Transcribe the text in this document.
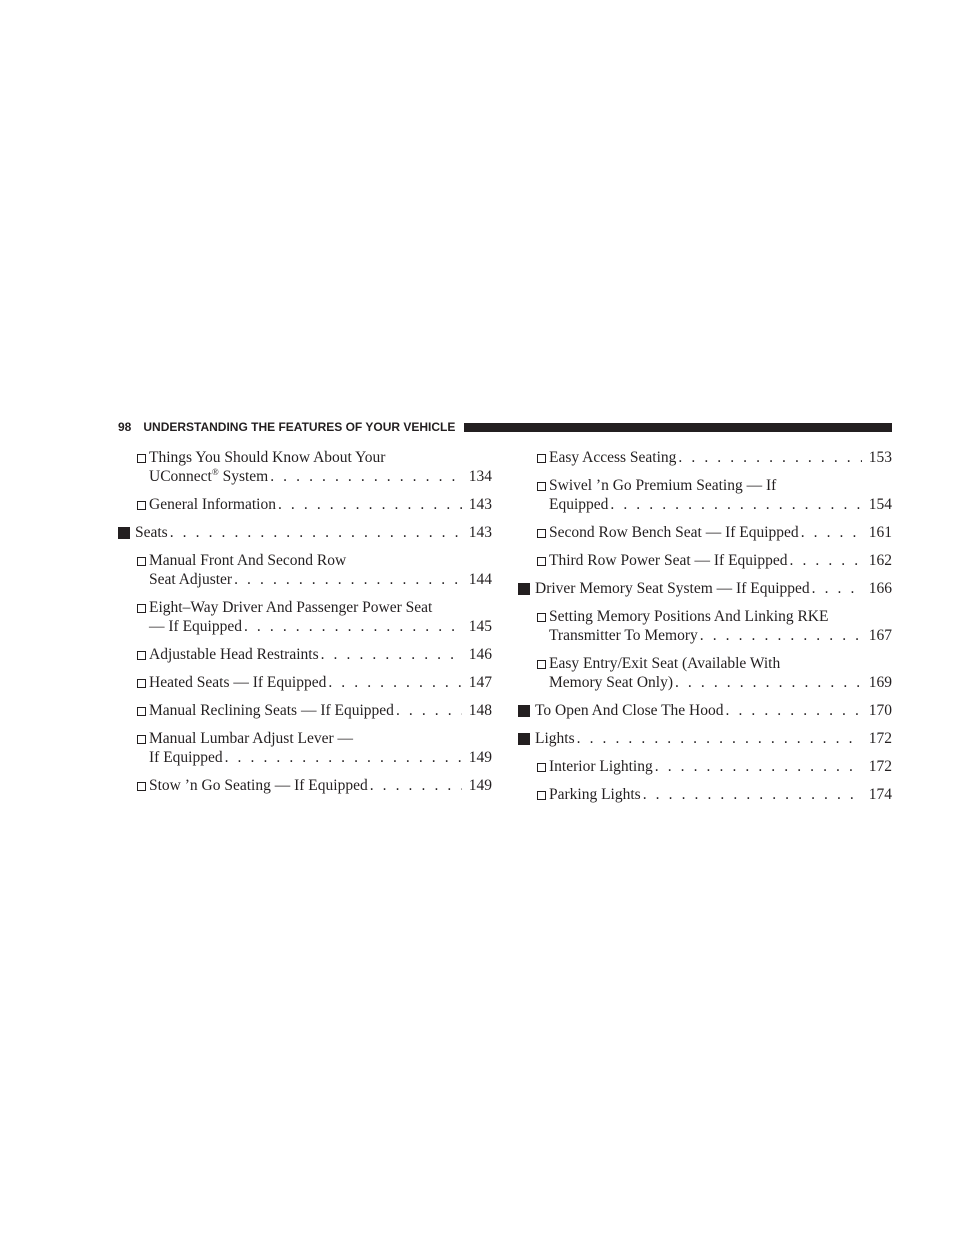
98 UNDERSTANDING THE FEATURES OF YOUR VEHICLE
Things You Should Know About Your
UConnect® System . . .	134
General Information . . .	143
Seats . . .	143
Manual Front And Second Row
Seat Adjuster . . .	144
Eight–Way Driver And Passenger Power Seat
— If Equipped . . .	145
Adjustable Head Restraints . . .	146
Heated Seats — If Equipped . . .	147
Manual Reclining Seats — If Equipped . . .	148
Manual Lumbar Adjust Lever —
If Equipped . . .	149
Stow ’n Go Seating — If Equipped . . .	149
Easy Access Seating . . .	153
Swivel ’n Go Premium Seating — If
Equipped . . .	154
Second Row Bench Seat — If Equipped . . .	161
Third Row Power Seat — If Equipped . . .	162
Driver Memory Seat System — If Equipped . . .	166
Setting Memory Positions And Linking RKE
Transmitter To Memory . . .	167
Easy Entry/Exit Seat (Available With
Memory Seat Only) . . .	169
To Open And Close The Hood . . .	170
Lights . . .	172
Interior Lighting . . .	172
Parking Lights . . .	174
